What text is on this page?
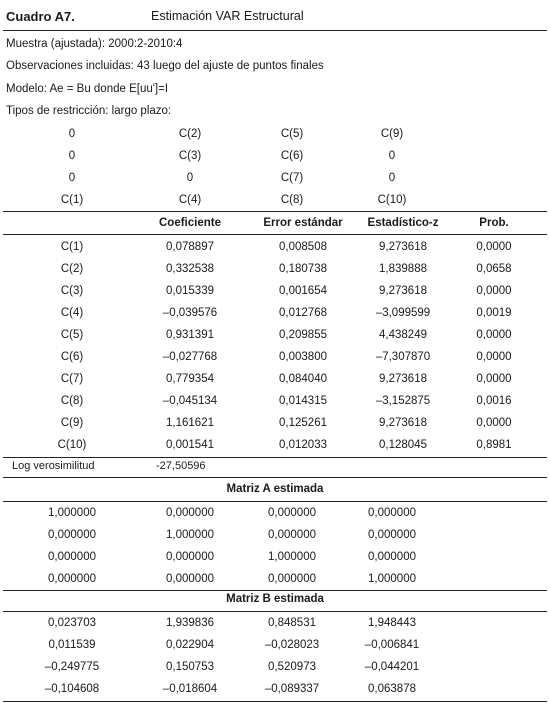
Cuadro A7.	Estimación VAR Estructural
Muestra (ajustada): 2000:2-2010:4
Observaciones incluidas: 43 luego del ajuste de puntos finales
Modelo: Ae = Bu donde E[uu']=I
Tipos de restricción: largo plazo:
0	C(2)	C(5)	C(9)
0	C(3)	C(6)	0
0	0	C(7)	0
C(1)	C(4)	C(8)	C(10)
Coeficiente	Error estándar	Estadístico-z	Prob.
C(1)	0,078897	0,008508	9,273618	0,0000
C(2)	0,332538	0,180738	1,839888	0,0658
C(3)	0,015339	0,001654	9,273618	0,0000
C(4)	–0,039576	0,012768	–3,099599	0,0019
C(5)	0,931391	0,209855	4,438249	0,0000
C(6)	–0,027768	0,003800	–7,307870	0,0000
C(7)	0,779354	0,084040	9,273618	0,0000
C(8)	–0,045134	0,014315	–3,152875	0,0016
C(9)	1,161621	0,125261	9,273618	0,0000
C(10)	0,001541	0,012033	0,128045	0,8981
Log verosimilitud	-27,50596
Matriz A estimada
1,000000	0,000000	0,000000	0,000000
0,000000	1,000000	0,000000	0,000000
0,000000	0,000000	1,000000	0,000000
0,000000	0,000000	0,000000	1,000000
Matriz B estimada
0,023703	1,939836	0,848531	1,948443
0,011539	0,022904	–0,028023	–0,006841
–0,249775	0,150753	0,520973	–0,044201
–0,104608	–0,018604	–0,089337	0,063878
